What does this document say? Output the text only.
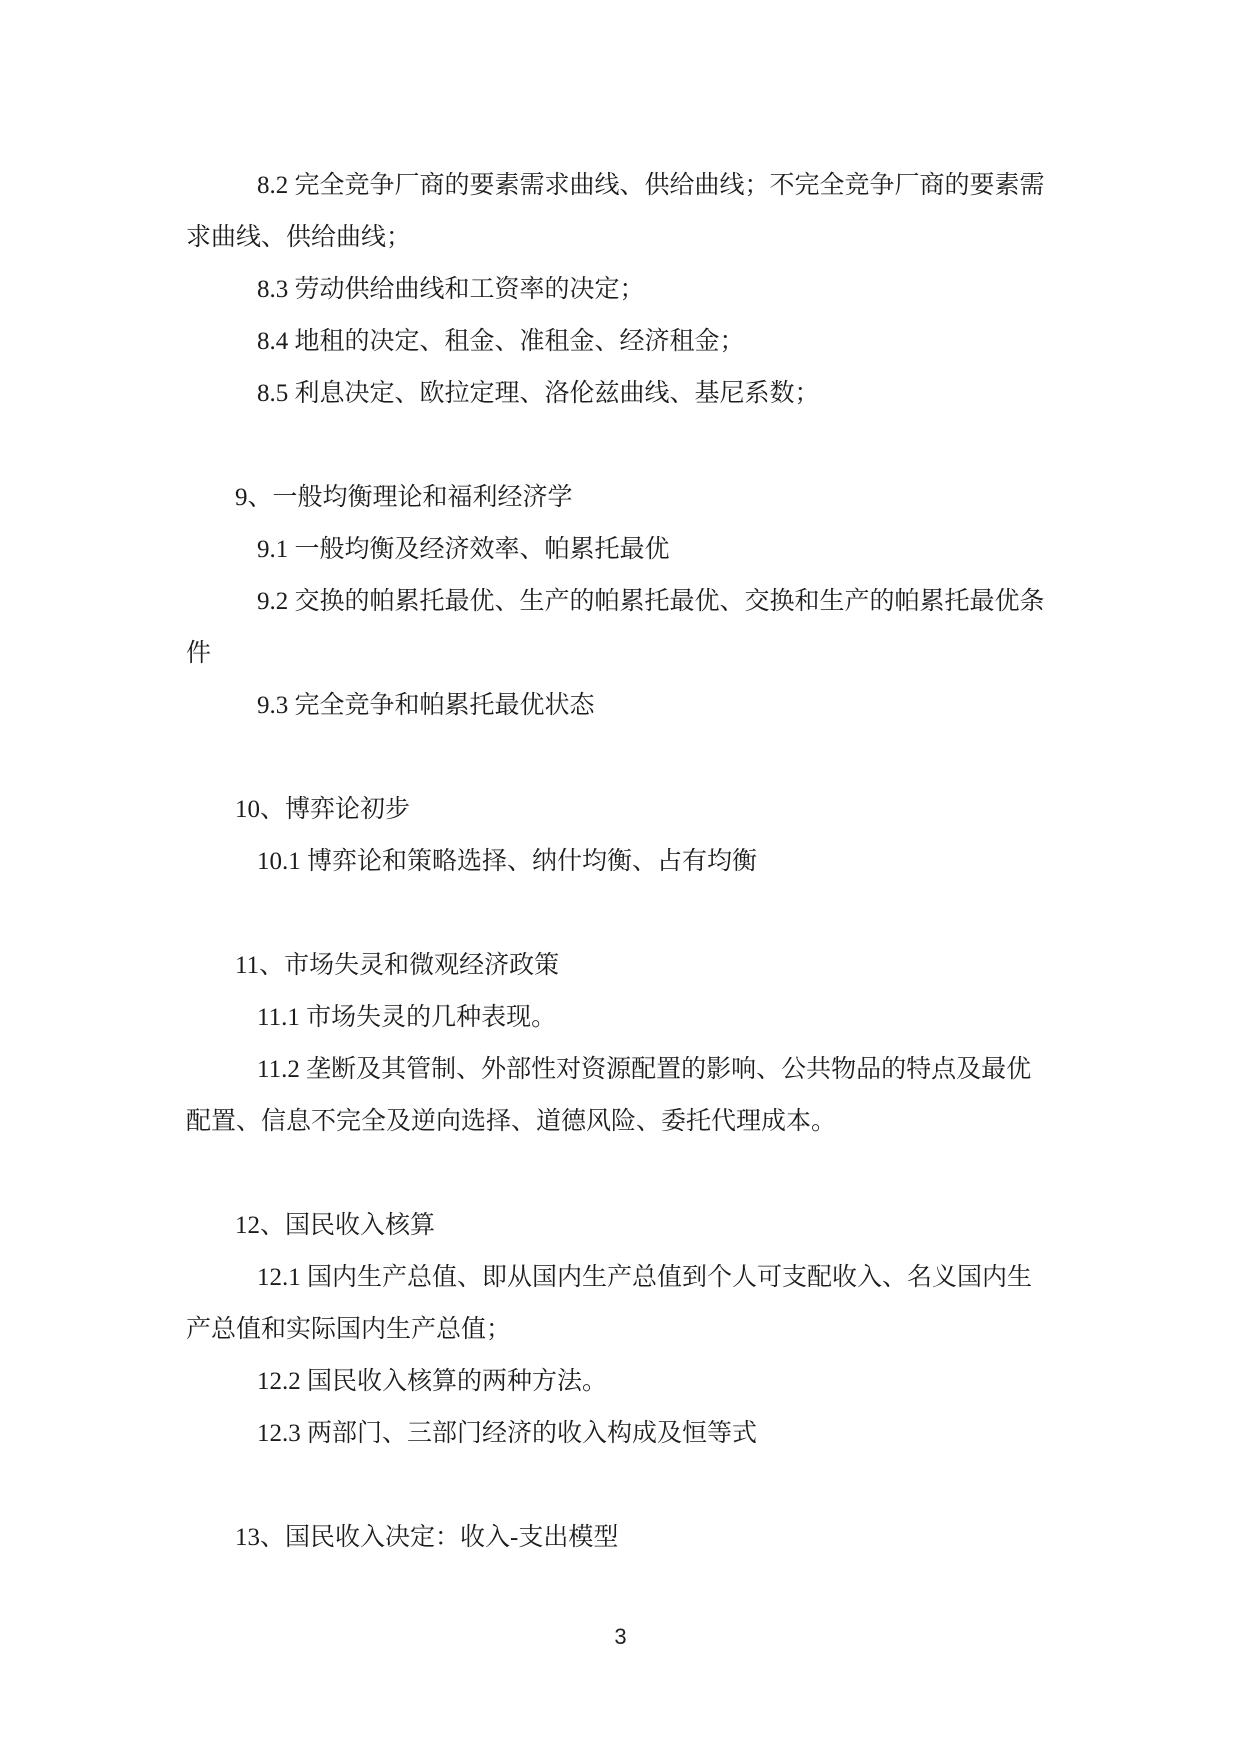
8.2 完全竞争厂商的要素需求曲线、供给曲线；不完全竞争厂商的要素需
求曲线、供给曲线；
8.3 劳动供给曲线和工资率的决定；
8.4 地租的决定、租金、准租金、经济租金；
8.5 利息决定、欧拉定理、洛伦兹曲线、基尼系数；
9、一般均衡理论和福利经济学
9.1 一般均衡及经济效率、帕累托最优
9.2 交换的帕累托最优、生产的帕累托最优、交换和生产的帕累托最优条
件
9.3 完全竞争和帕累托最优状态
10、博弈论初步
10.1 博弈论和策略选择、纳什均衡、占有均衡
11、市场失灵和微观经济政策
11.1 市场失灵的几种表现。
11.2 垄断及其管制、外部性对资源配置的影响、公共物品的特点及最优
配置、信息不完全及逆向选择、道德风险、委托代理成本。
12、国民收入核算
12.1 国内生产总值、即从国内生产总值到个人可支配收入、名义国内生
产总值和实际国内生产总值；
12.2 国民收入核算的两种方法。
12.3 两部门、三部门经济的收入构成及恒等式
13、国民收入决定：收入-支出模型
3
